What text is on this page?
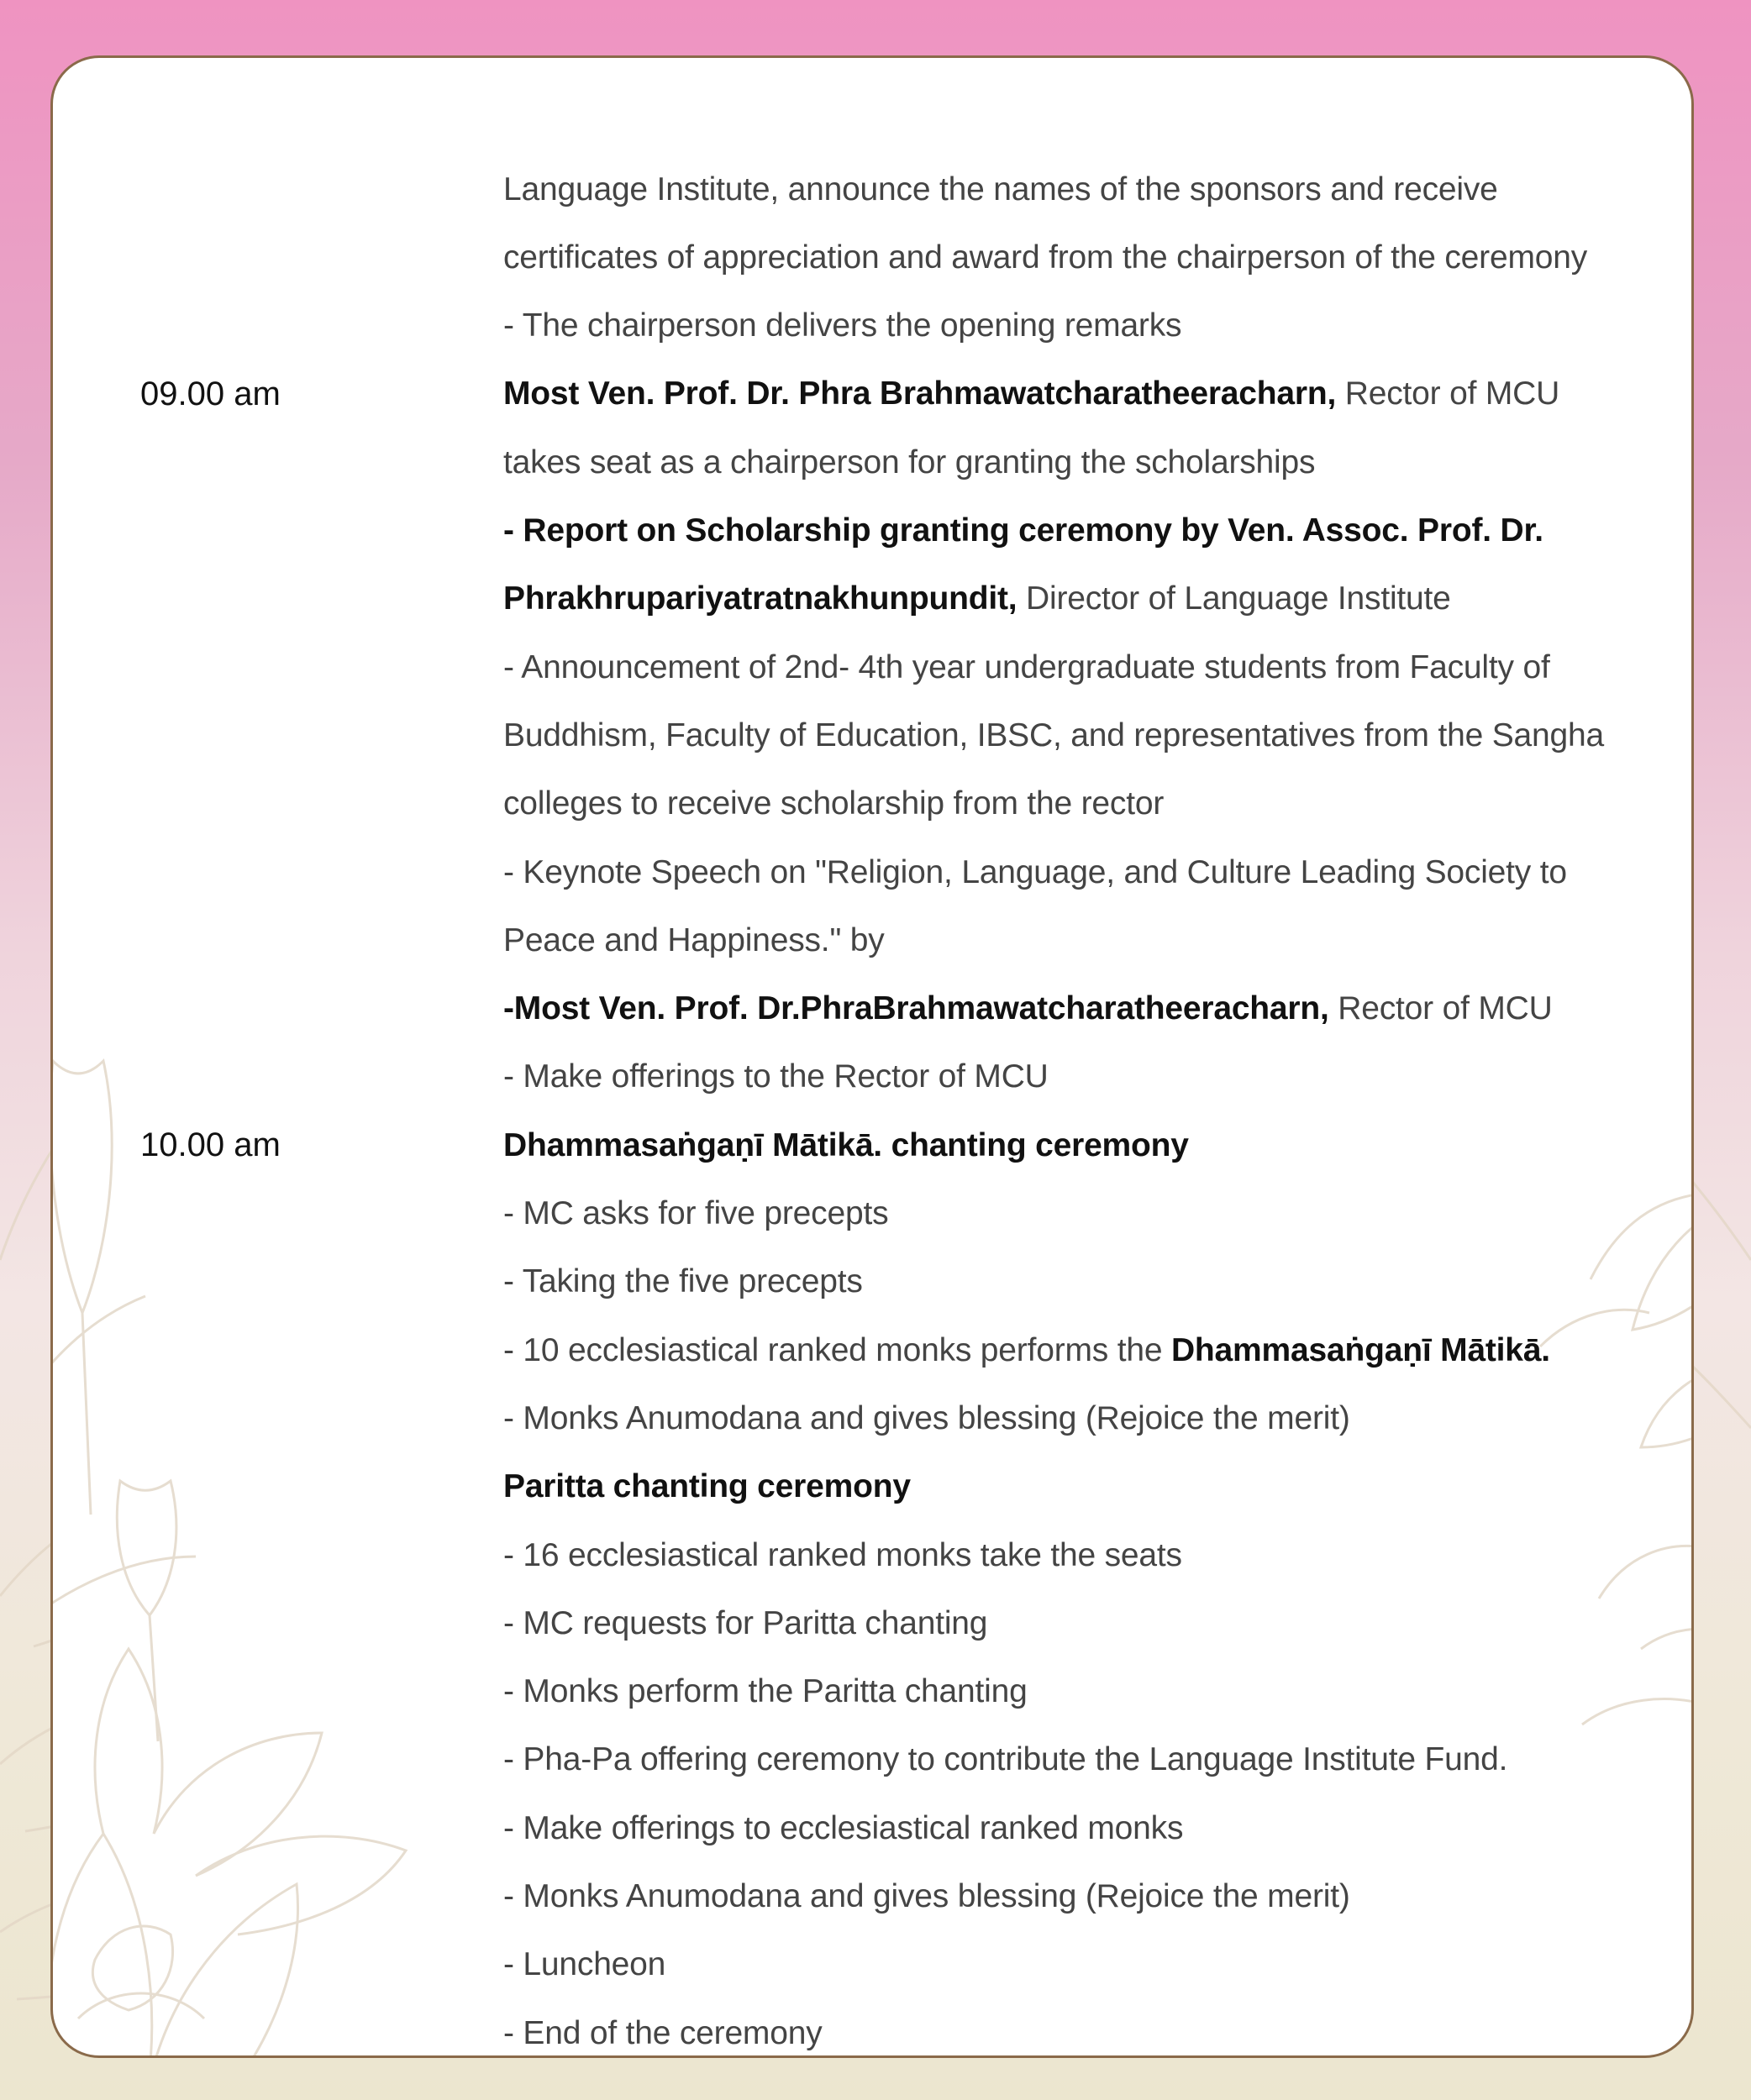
Language Institute, announce the names of the sponsors and receive
certificates of appreciation and award from the chairperson of the ceremony
- The chairperson delivers the opening remarks
09.00 am	Most Ven. Prof. Dr. Phra Brahmawatcharatheeracharn, Rector of MCU
takes seat as a chairperson for granting the scholarships
- Report on Scholarship granting ceremony by Ven. Assoc. Prof. Dr.
Phrakhrupariyatratnakhunpundit, Director of Language Institute
- Announcement of 2nd- 4th year undergraduate students from Faculty of
Buddhism, Faculty of Education, IBSC, and representatives from the Sangha
colleges to receive scholarship from the rector
- Keynote Speech on "Religion, Language, and Culture Leading Society to
Peace and Happiness." by
-Most Ven. Prof. Dr.PhraBrahmawatcharatheeracharn, Rector of MCU
- Make offerings to the Rector of MCU
10.00 am	Dhammasaṅgaṇī Mātikā. chanting ceremony
- MC asks for five precepts
- Taking the five precepts
- 10 ecclesiastical ranked monks performs the Dhammasaṅgaṇī Mātikā.
- Monks Anumodana and gives blessing (Rejoice the merit)
Paritta chanting ceremony
- 16 ecclesiastical ranked monks take the seats
- MC requests for Paritta chanting
- Monks perform the Paritta chanting
- Pha-Pa offering ceremony to contribute the Language Institute Fund.
- Make offerings to ecclesiastical ranked monks
- Monks Anumodana and gives blessing (Rejoice the merit)
- Luncheon
- End of the ceremony
